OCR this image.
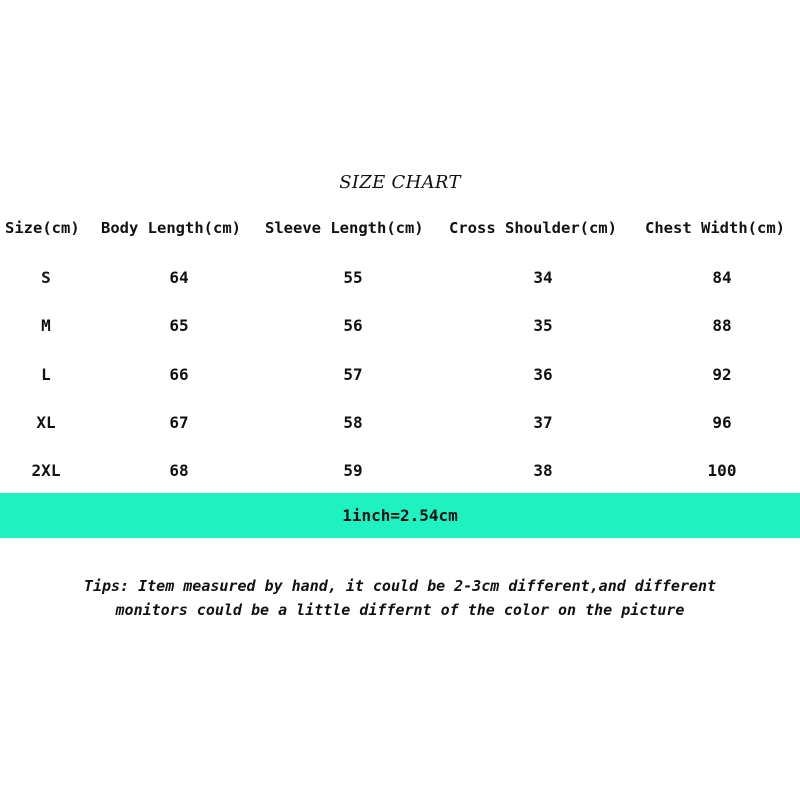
SIZE CHART
Size(cm) Body Length(cm) Sleeve Length(cm) Cross Shoulder(cm) Chest Width(cm)
S	64	55	34	84
M	65	56	35	88
L	66	57	36	92
XL	67	58	37	96
2XL	68	59	38	100
1inch=2.54cm
Tips: Item measured by hand, it could be 2-3cm different,and different
monitors could be a little differnt of the color on the picture
